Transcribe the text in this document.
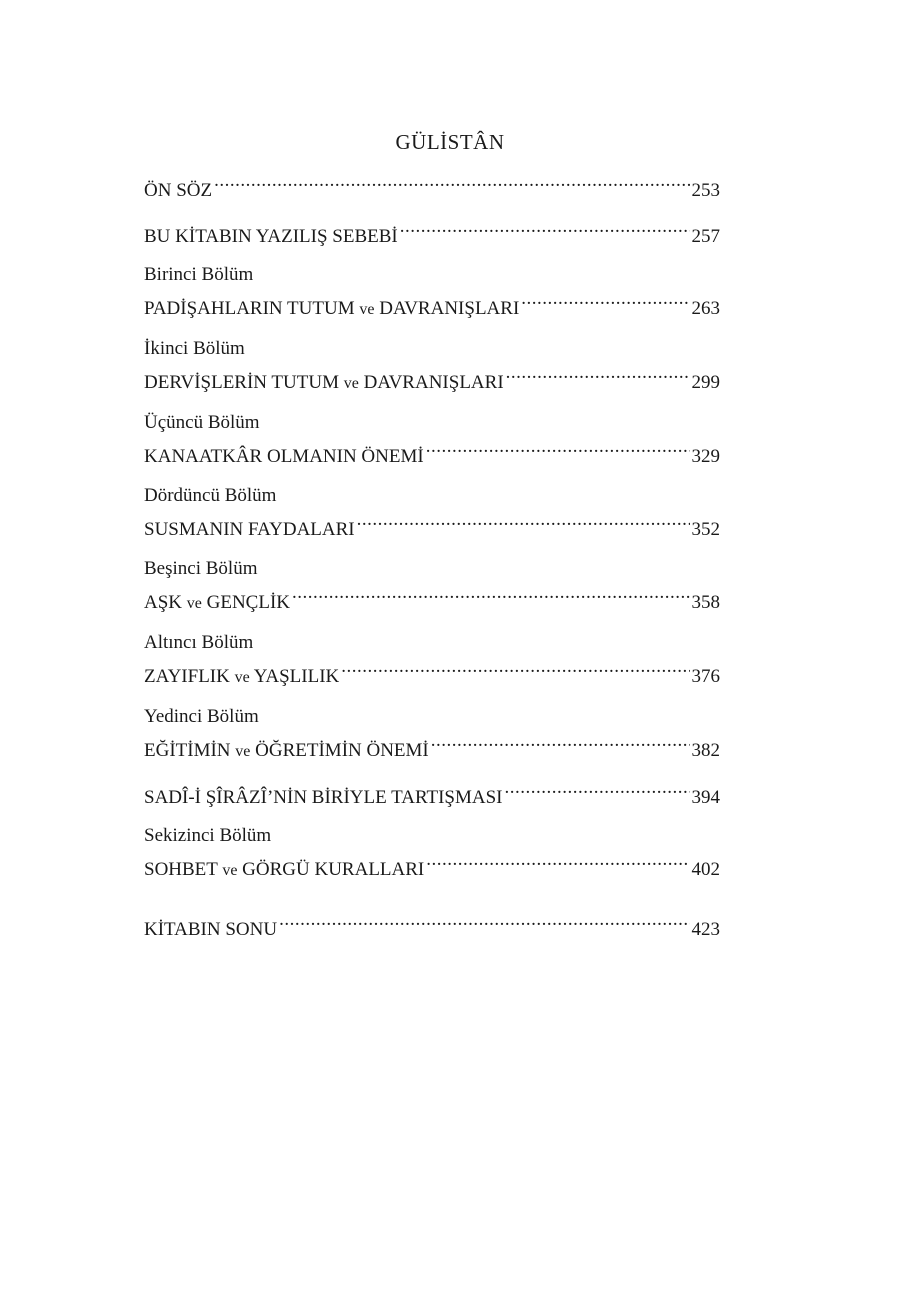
GÜLİSTÂN
ÖN SÖZ .....	253
BU KİTABIN YAZILIŞ SEBEBİ .....	257
Birinci Bölüm
PADİŞAHLARIN TUTUM ve DAVRANIŞLARI .....	263
İkinci Bölüm
DERVİŞLERİN TUTUM ve DAVRANIŞLARI .....	299
Üçüncü Bölüm
KANAATKÂR OLMANIN ÖNEMİ .....	329
Dördüncü Bölüm
SUSMANIN FAYDALARI .....	352
Beşinci Bölüm
AŞK ve GENÇLİK .....	358
Altıncı Bölüm
ZAYIFLIK ve YAŞLILIK .....	376
Yedinci Bölüm
EĞİTİMİN ve ÖĞRETİMİN ÖNEMİ .....	382
SADÎ-İ ŞÎRÂZÎ’NİN BİRİYLE TARTIŞMASI .....	394
Sekizinci Bölüm
SOHBET ve GÖRGÜ KURALLARI .....	402
KİTABIN SONU .....	423
